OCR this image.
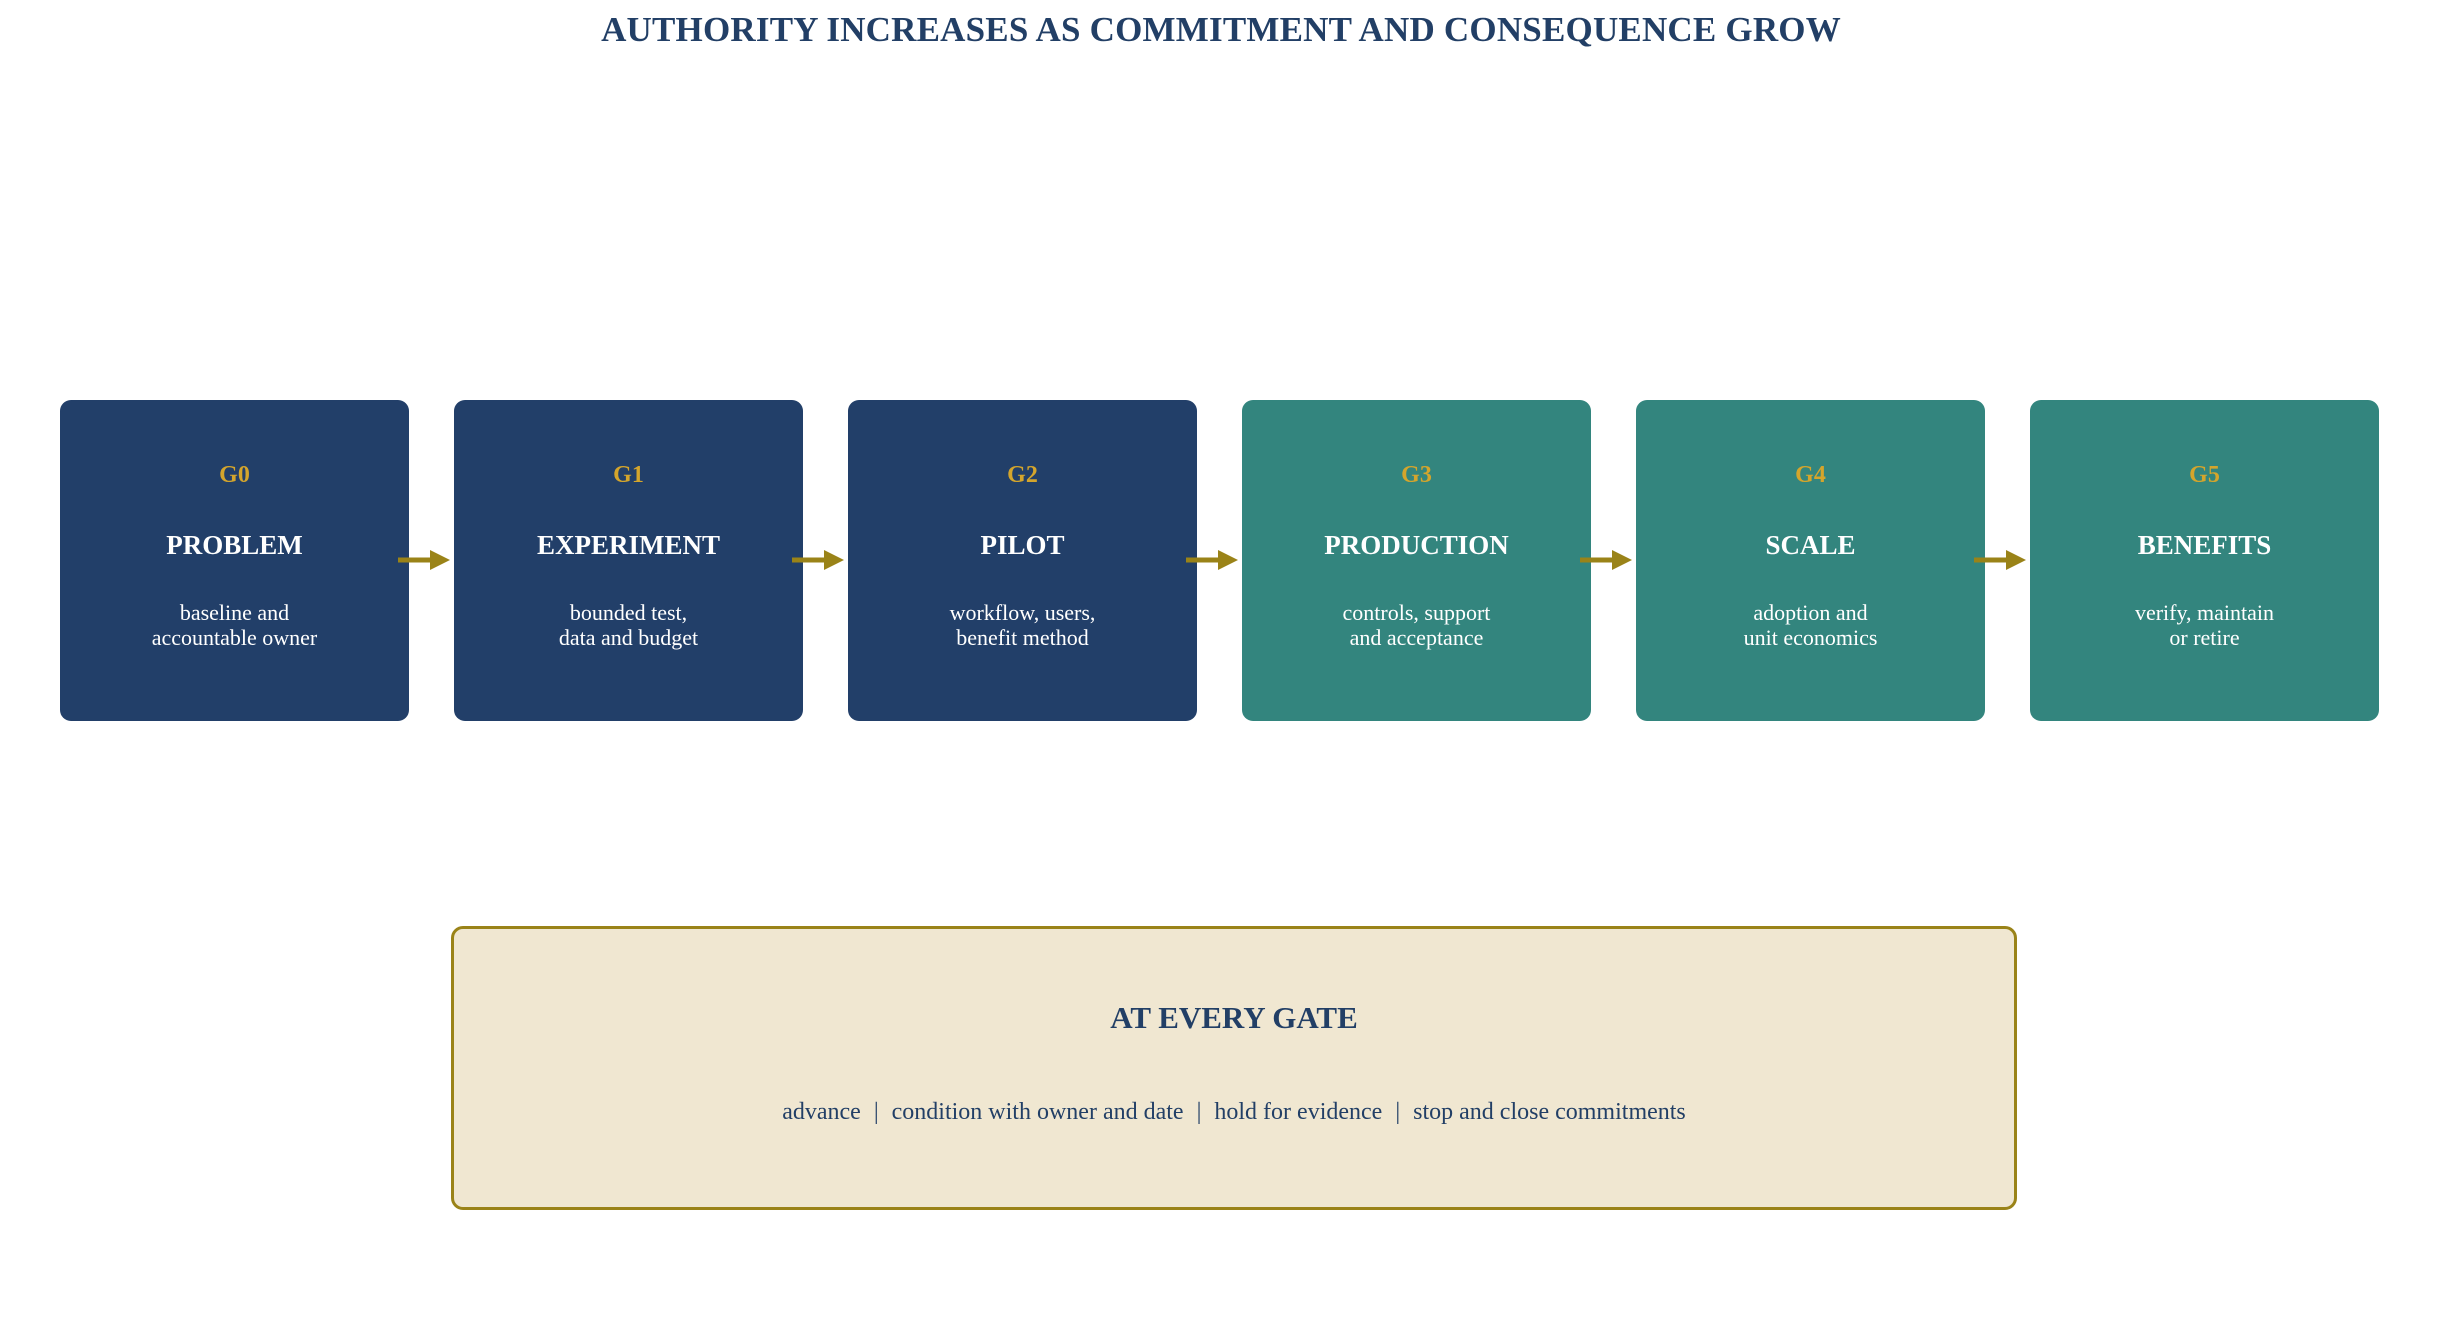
AUTHORITY INCREASES AS COMMITMENT AND CONSEQUENCE GROW
G0
PROBLEM
baseline and
accountable owner
G1
EXPERIMENT
bounded test,
data and budget
G2
PILOT
workflow, users,
benefit method
G3
PRODUCTION
controls, support
and acceptance
G4
SCALE
adoption and
unit economics
G5
BENEFITS
verify, maintain
or retire
AT EVERY GATE
advance | condition with owner and date | hold for evidence | stop and close commitments
